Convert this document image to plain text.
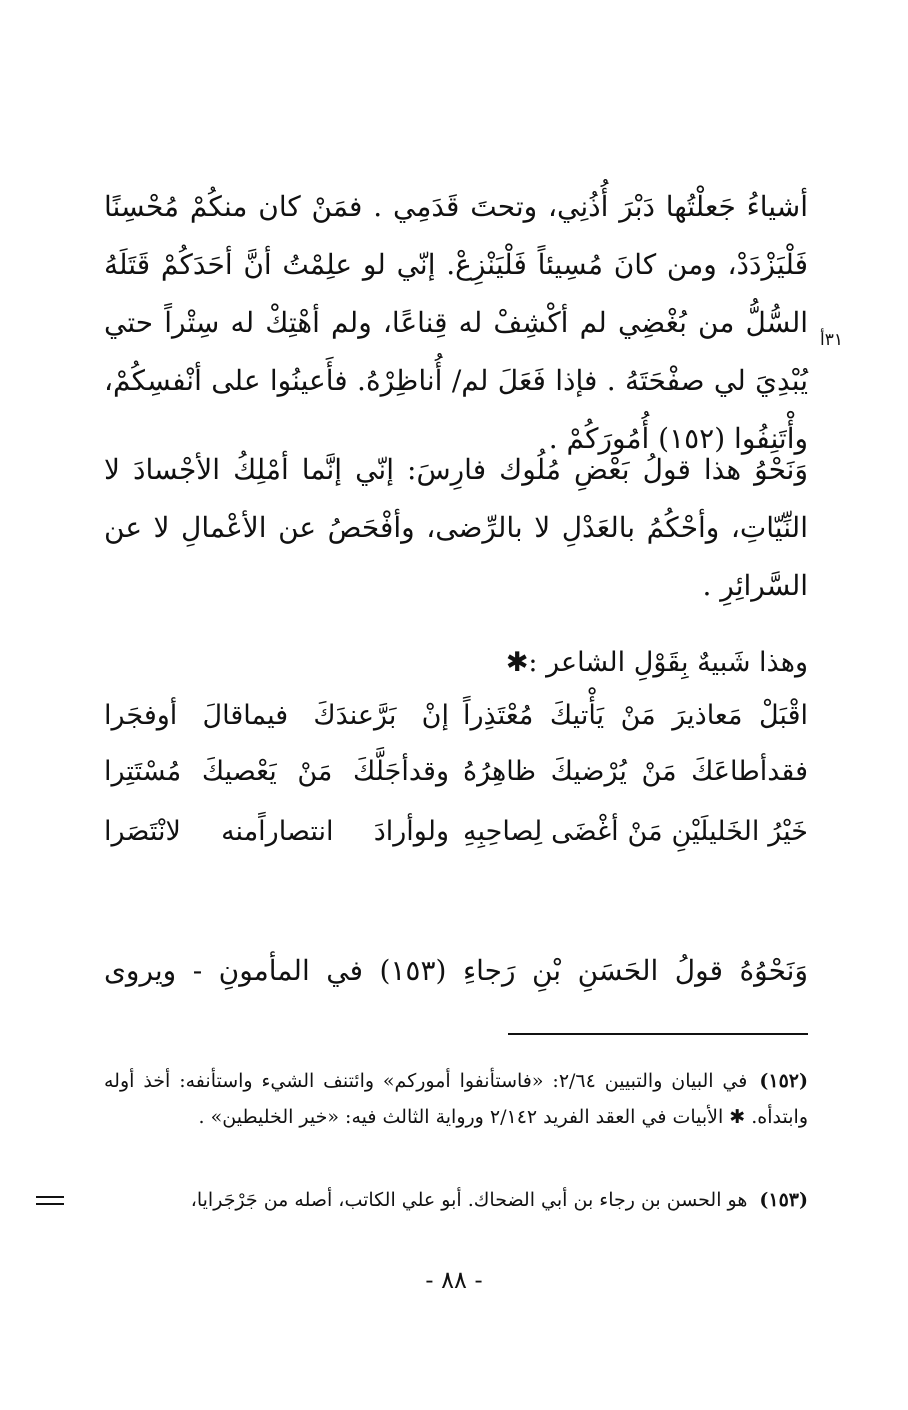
أشياءُ جَعلْتُها دَبْرَ أُذُنِي، وتحتَ قَدَمِي . فمَنْ كان منكُمْ مُحْسِنًا فَلْيَزْدَدْ، ومن كانَ مُسِيئاً فَلْيَنْزِعْ. إنّي لو علِمْتُ أنَّ أحَدَكُمْ قَتَلَهُ السُّلُّ من بُغْضِي لم أكْشِفْ له قِناعًا، ولم أهْتِكْ له سِتْراً حتي يُبْدِيَ لي صفْحَتَهُ . فإذا فَعَلَ لم/ أُناظِرْهُ. فأَعينُوا على أنْفسِكُمْ، وأْتَنِفُوا (١٥٢) أُمُورَكُمْ .

٣١أ

وَنَحْوُ هذا قولُ بَعْضِ مُلُوك فارِسَ: إنّي إنَّما أمْلِكُ الأجْسادَ لا النِّيّاتِ، وأحْكُمُ بالعَدْلِ لا بالرِّضى، وأفْحَصُ عن الأعْمالِ لا عن السَّرائِرِ .

وهذا شَبيهٌ بِقَوْلِ الشاعر :✱
اقْبَلْ مَعاذيرَ مَنْ يَأْتيكَ مُعْتَذِراً
إنْ بَرَّعندَكَ فيماقالَ أوفجَرا
فقدأطاعَكَ مَنْ يُرْضيكَ ظاهِرُهُ
وقدأجَلَّكَ مَنْ يَعْصيكَ مُسْتَتِرا
خَيْرُ الخَليلَيْنِ مَنْ أغْضَى لِصاحِبِهِ
ولوأرادَ انتصاراًمنه لانْتَصَرا

وَنَحْوُهُ قولُ الحَسَنِ بْنِ رَجاءِ (١٥٣) في المأمونِ - ويروى

(١٥٢)في البيان والتبيين ٢/٦٤: «فاستأنفوا أموركم» وائتنف الشيء واستأنفه: أخذ أوله وابتدأه. ✱ الأبيات في العقد الفريد ٢/١٤٢ ورواية الثالث فيه: «خير الخليطين» .
(١٥٣)هو الحسن بن رجاء بن أبي الضحاك. أبو علي الكاتب، أصله من جَرْجَرايا،
- ٨٨ -
